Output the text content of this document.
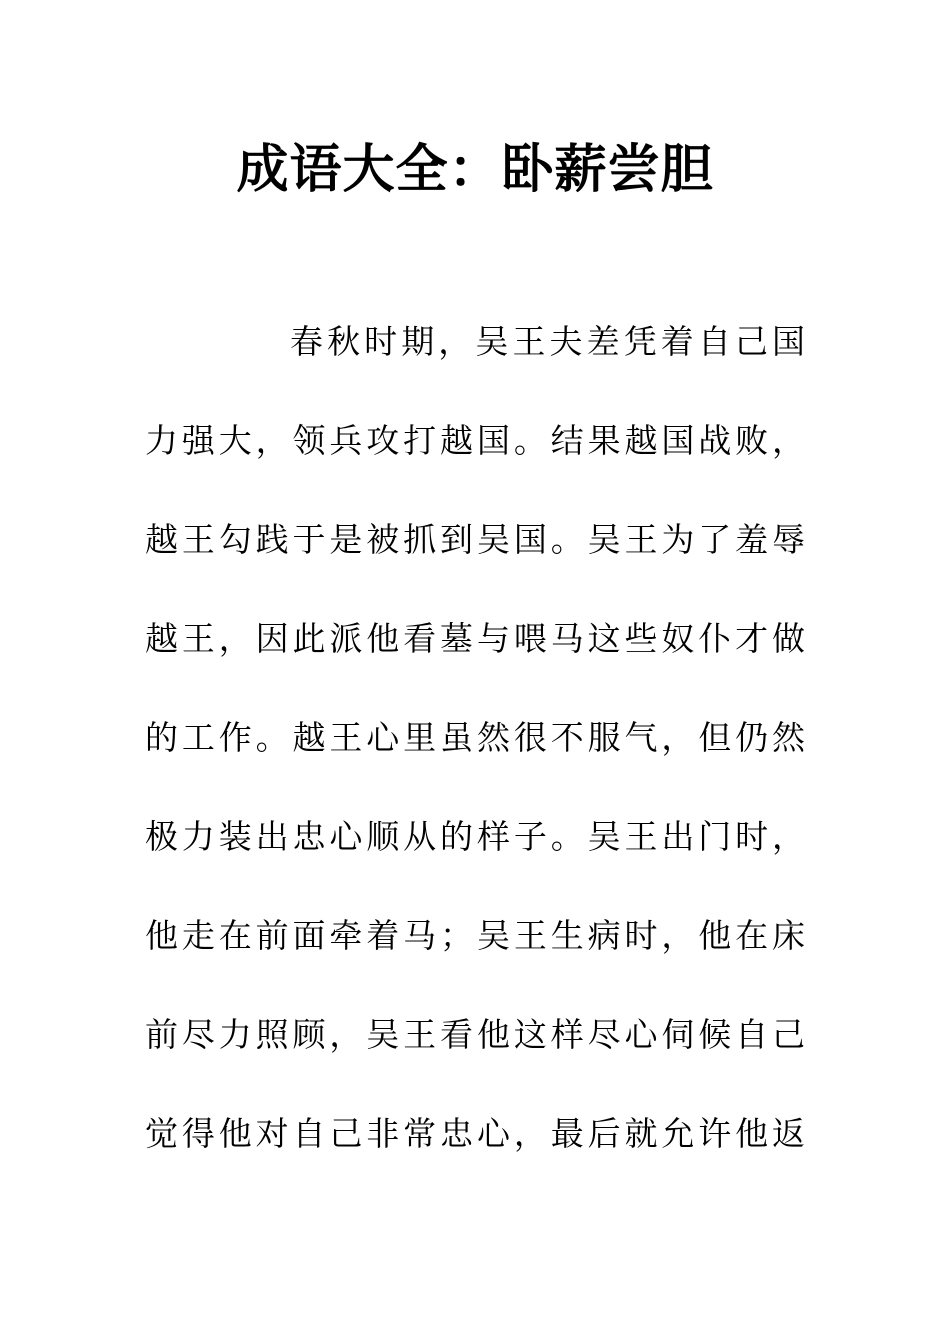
成语大全：卧薪尝胆
春秋时期，吴王夫差凭着自己国
力强大，领兵攻打越国。结果越国战败，
越王勾践于是被抓到吴国。吴王为了羞辱
越王，因此派他看墓与喂马这些奴仆才做
的工作。越王心里虽然很不服气，但仍然
极力装出忠心顺从的样子。吴王出门时，
他走在前面牵着马；吴王生病时，他在床
前尽力照顾，吴王看他这样尽心伺候自己
觉得他对自己非常忠心，最后就允许他返
